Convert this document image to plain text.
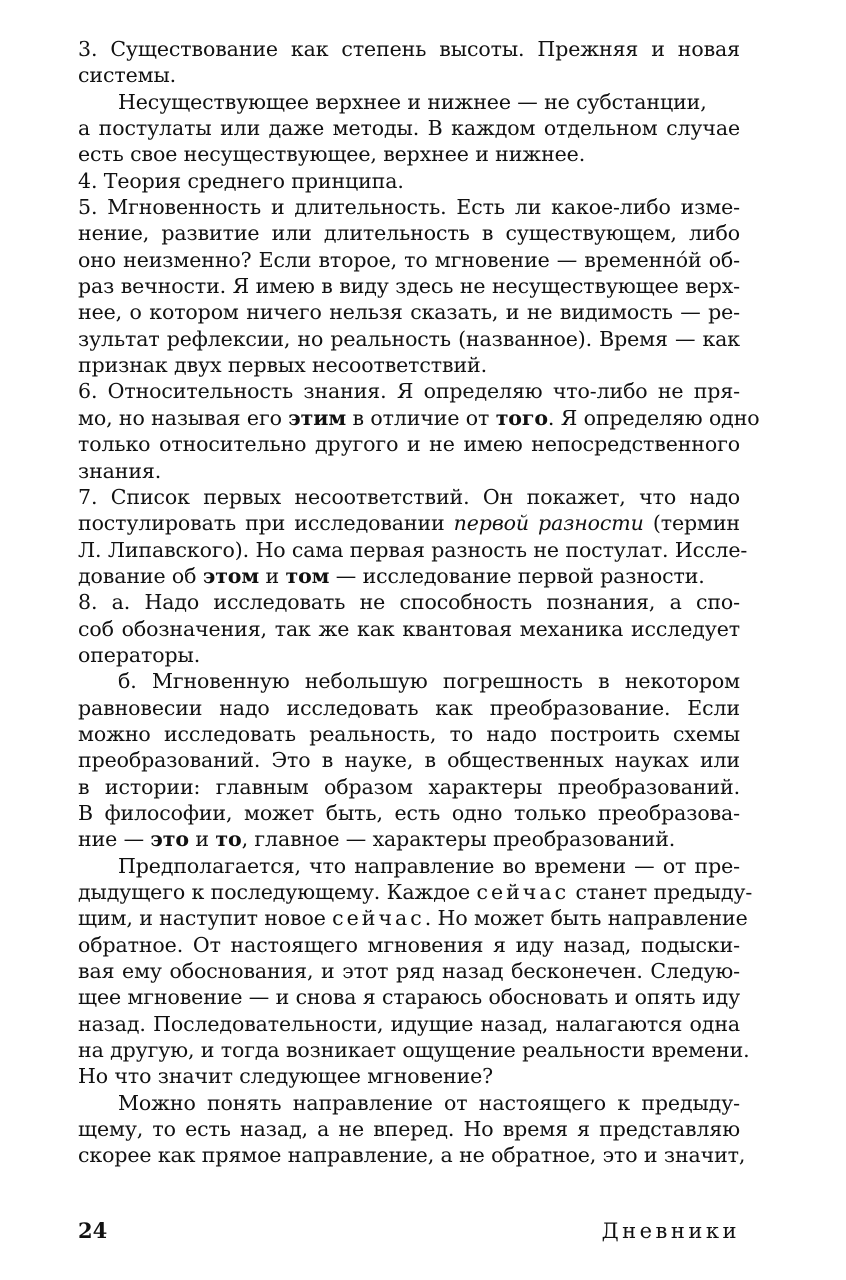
3. Существование как степень высоты. Прежняя и новая
системы.
Несуществующее верхнее и нижнее — не субстанции,
а постулаты или даже методы. В каждом отдельном случае
есть свое несуществующее, верхнее и нижнее.
4. Теория среднего принципа.
5. Мгновенность и длительность. Есть ли какое-либо изме-
нение, развитие или длительность в существующем, либо
оно неизменно? Если второе, то мгновение — временно́й об-
раз вечности. Я имею в виду здесь не несуществующее верх-
нее, о котором ничего нельзя сказать, и не видимость — ре-
зультат рефлексии, но реальность (названное). Время — как
признак двух первых несоответствий.
6. Относительность знания. Я определяю что-либо не пря-
мо, но называя его этим в отличие от того. Я определяю одно
только относительно другого и не имею непосредственного
знания.
7. Список первых несоответствий. Он покажет, что надо
постулировать при исследовании первой разности (термин
Л. Липавского). Но сама первая разность не постулат. Иссле-
дование об этом и том — исследование первой разности.
8. а. Надо исследовать не способность познания, а спо-
соб обозначения, так же как квантовая механика исследует
операторы.
б. Мгновенную небольшую погрешность в некотором
равновесии надо исследовать как преобразование. Если
можно исследовать реальность, то надо построить схемы
преобразований. Это в науке, в общественных науках или
в истории: главным образом характеры преобразований.
В философии, может быть, есть одно только преобразова-
ние — это и то, главное — характеры преобразований.
Предполагается, что направление во времени — от пре-
дыдущего к последующему. Каждое сейчас станет предыду-
щим, и наступит новое сейчас. Но может быть направление
обратное. От настоящего мгновения я иду назад, подыски-
вая ему обоснования, и этот ряд назад бесконечен. Следую-
щее мгновение — и снова я стараюсь обосновать и опять иду
назад. Последовательности, идущие назад, налагаются одна
на другую, и тогда возникает ощущение реальности времени.
Но что значит следующее мгновение?
Можно понять направление от настоящего к предыду-
щему, то есть назад, а не вперед. Но время я представляю
скорее как прямое направление, а не обратное, это и значит,
24	Дневники
